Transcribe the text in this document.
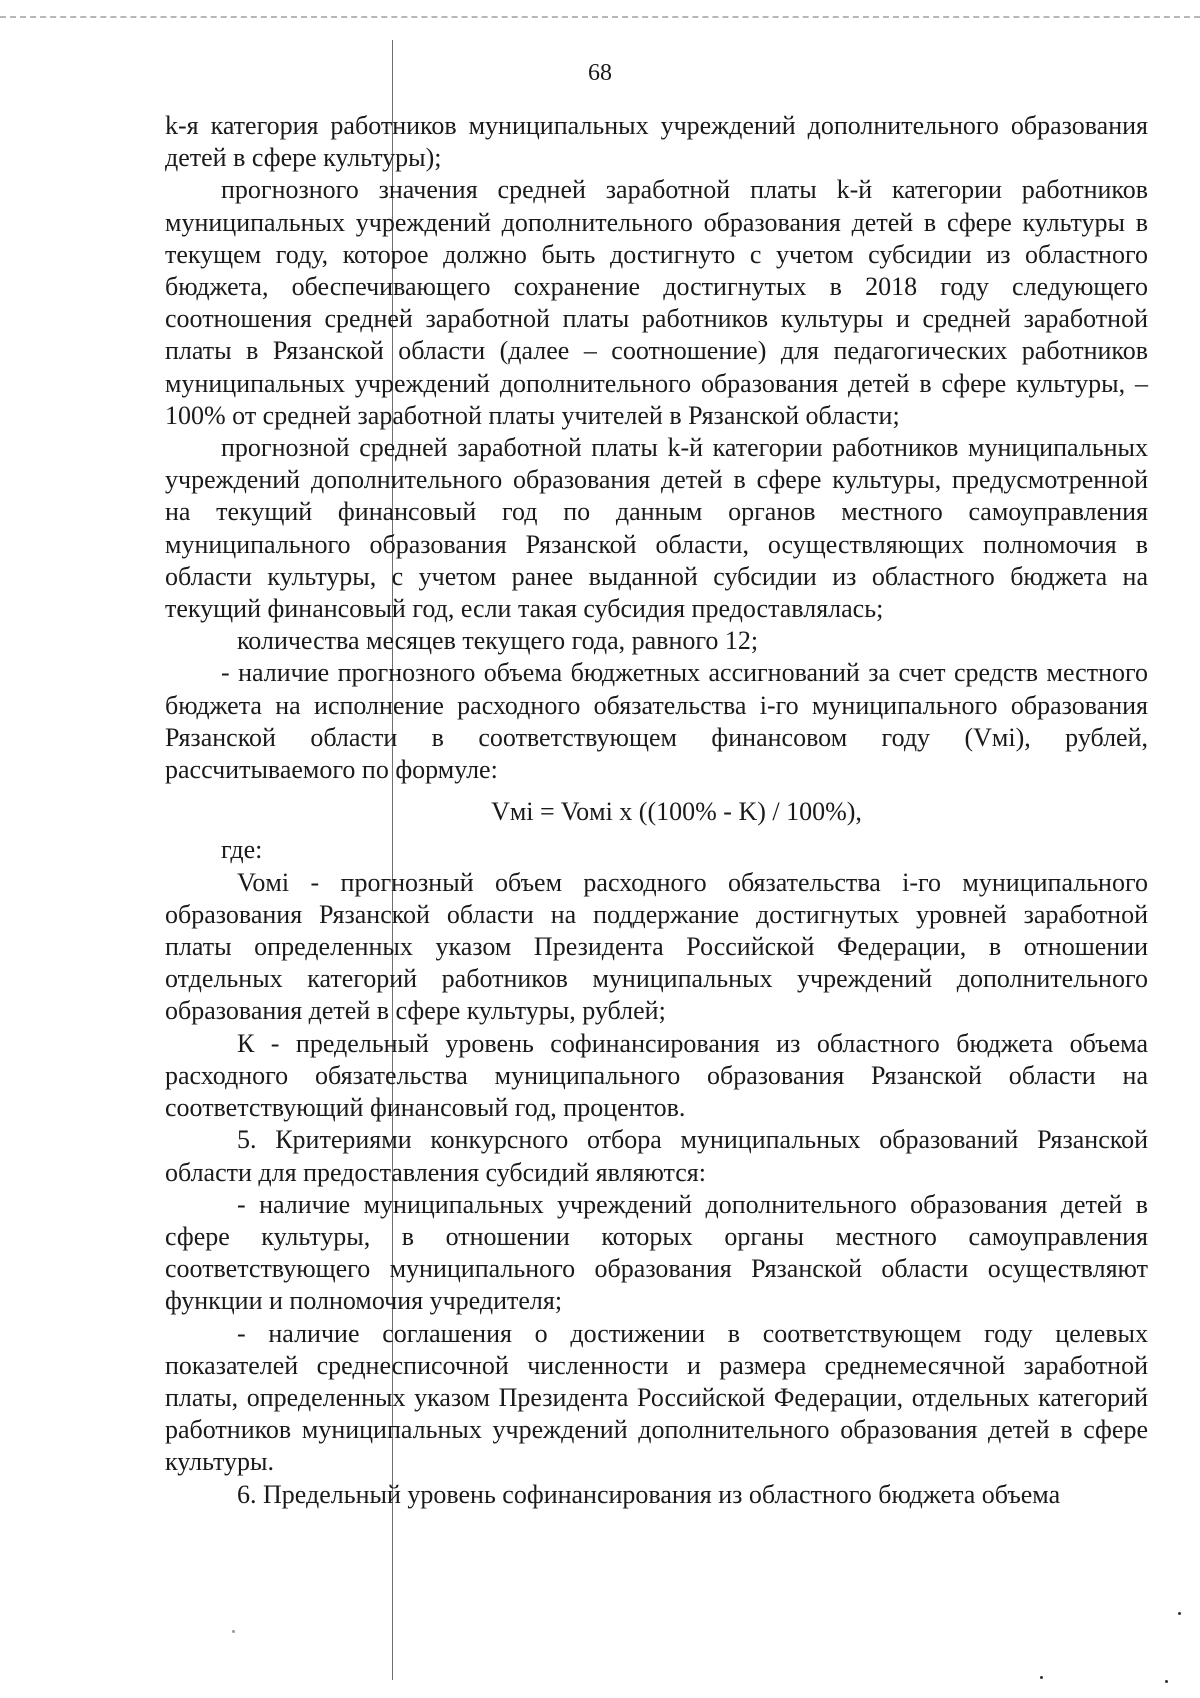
68

k-я категория работников муниципальных учреждений дополнительного образования детей в сфере культуры);

прогнозного значения средней заработной платы k-й категории работников муниципальных учреждений дополнительного образования детей в сфере культуры в текущем году, которое должно быть достигнуто с учетом субсидии из областного бюджета, обеспечивающего сохранение достигнутых в 2018 году следующего соотношения средней заработной платы работников культуры и средней заработной платы в Рязанской области (далее – соотношение) для педагогических работников муниципальных учреждений дополнительного образования детей в сфере культуры, – 100% от средней заработной платы учителей в Рязанской области;

прогнозной средней заработной платы k-й категории работников муниципальных учреждений дополнительного образования детей в сфере культуры, предусмотренной на текущий финансовый год по данным органов местного самоуправления муниципального образования Рязанской области, осуществляющих полномочия в области культуры, с учетом ранее выданной субсидии из областного бюджета на текущий финансовый год, если такая субсидия предоставлялась;

количества месяцев текущего года, равного 12;

- наличие прогнозного объема бюджетных ассигнований за счет средств местного бюджета на исполнение расходного обязательства i-го муниципального образования Рязанской области в соответствующем финансовом году (Vмi), рублей, рассчитываемого по формуле:

Vмi = Voмi x ((100% - K) / 100%),

где:

Voмi - прогнозный объем расходного обязательства i-го муниципального образования Рязанской области на поддержание достигнутых уровней заработной платы определенных указом Президента Российской Федерации, в отношении отдельных категорий работников муниципальных учреждений дополнительного образования детей в сфере культуры, рублей;

К - предельный уровень софинансирования из областного бюджета объема расходного обязательства муниципального образования Рязанской области на соответствующий финансовый год, процентов.

5. Критериями конкурсного отбора муниципальных образований Рязанской области для предоставления субсидий являются:

- наличие муниципальных учреждений дополнительного образования детей в сфере культуры, в отношении которых органы местного самоуправления соответствующего муниципального образования Рязанской области осуществляют функции и полномочия учредителя;

- наличие соглашения о достижении в соответствующем году целевых показателей среднесписочной численности и размера среднемесячной заработной платы, определенных указом Президента Российской Федерации, отдельных категорий работников муниципальных учреждений дополнительного образования детей в сфере культуры.

6. Предельный уровень софинансирования из областного бюджета объема
